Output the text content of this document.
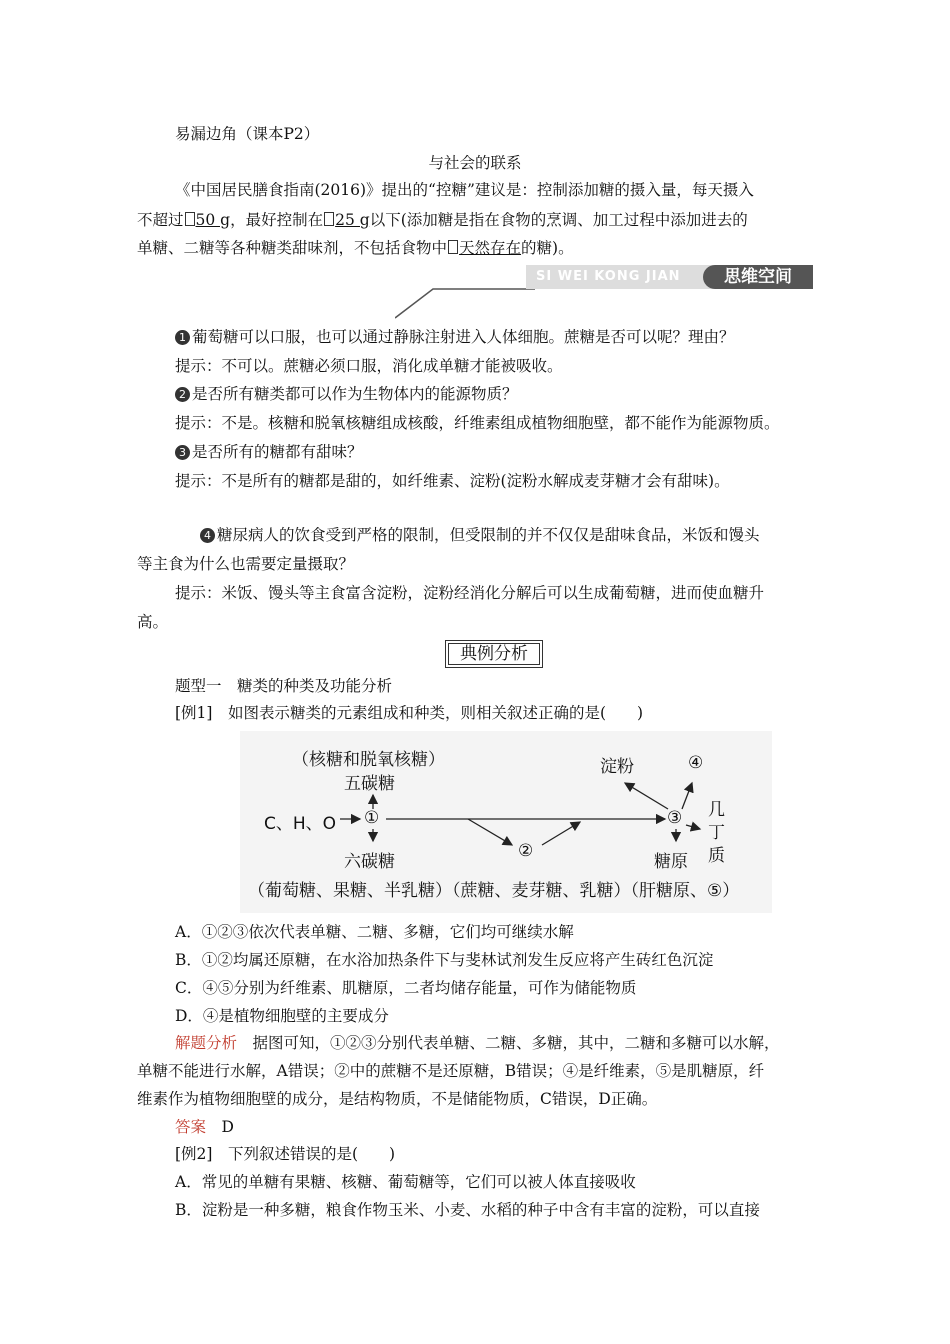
易漏边角（课本P2）
与社会的联系
《中国居民膳食指南(2016)》提出的“控糖”建议是：控制添加糖的摄入量，每天摄入
不超过 50 g，最好控制在 25 g以下(添加糖是指在食物的烹调、加工过程中添加进去的
单糖、二糖等各种糖类甜味剂，不包括食物中 天然存在的糖)。
SI WEI KONG JIAN	思维空间
1 葡萄糖可以口服，也可以通过静脉注射进入人体细胞。蔗糖是否可以呢？理由？
提示：不可以。蔗糖必须口服，消化成单糖才能被吸收。
2 是否所有糖类都可以作为生物体内的能源物质？
提示：不是。核糖和脱氧核糖组成核酸，纤维素组成植物细胞壁，都不能作为能源物质。
3 是否所有的糖都有甜味？
提示：不是所有的糖都是甜的，如纤维素、淀粉(淀粉水解成麦芽糖才会有甜味)。
4 糖尿病人的饮食受到严格的限制，但受限制的并不仅仅是甜味食品，米饭和馒头
等主食为什么也需要定量摄取？
提示：米饭、馒头等主食富含淀粉，淀粉经消化分解后可以生成葡萄糖，进而使血糖升
高。
典例分析
题型一　糖类的种类及功能分析
[例1]　如图表示糖类的元素组成和种类，则相关叙述正确的是(　　)
（核糖和脱氧核糖）
五碳糖
C、H、O ①
六碳糖
②
③
淀粉	④
几
丁
质
糖原
（葡萄糖、果糖、半乳糖）（蔗糖、麦芽糖、乳糖）（肝糖原、⑤）
A．①②③依次代表单糖、二糖、多糖，它们均可继续水解
B．①②均属还原糖，在水浴加热条件下与斐林试剂发生反应将产生砖红色沉淀
C．④⑤分别为纤维素、肌糖原，二者均储存能量，可作为储能物质
D．④是植物细胞壁的主要成分
解题分析　据图可知，①②③分别代表单糖、二糖、多糖，其中，二糖和多糖可以水解，
单糖不能进行水解，A错误；②中的蔗糖不是还原糖，B错误；④是纤维素，⑤是肌糖原，纤
维素作为植物细胞壁的成分，是结构物质，不是储能物质，C错误，D正确。
答案　D
[例2]　下列叙述错误的是(　　)
A．常见的单糖有果糖、核糖、葡萄糖等，它们可以被人体直接吸收
B．淀粉是一种多糖，粮食作物玉米、小麦、水稻的种子中含有丰富的淀粉，可以直接
